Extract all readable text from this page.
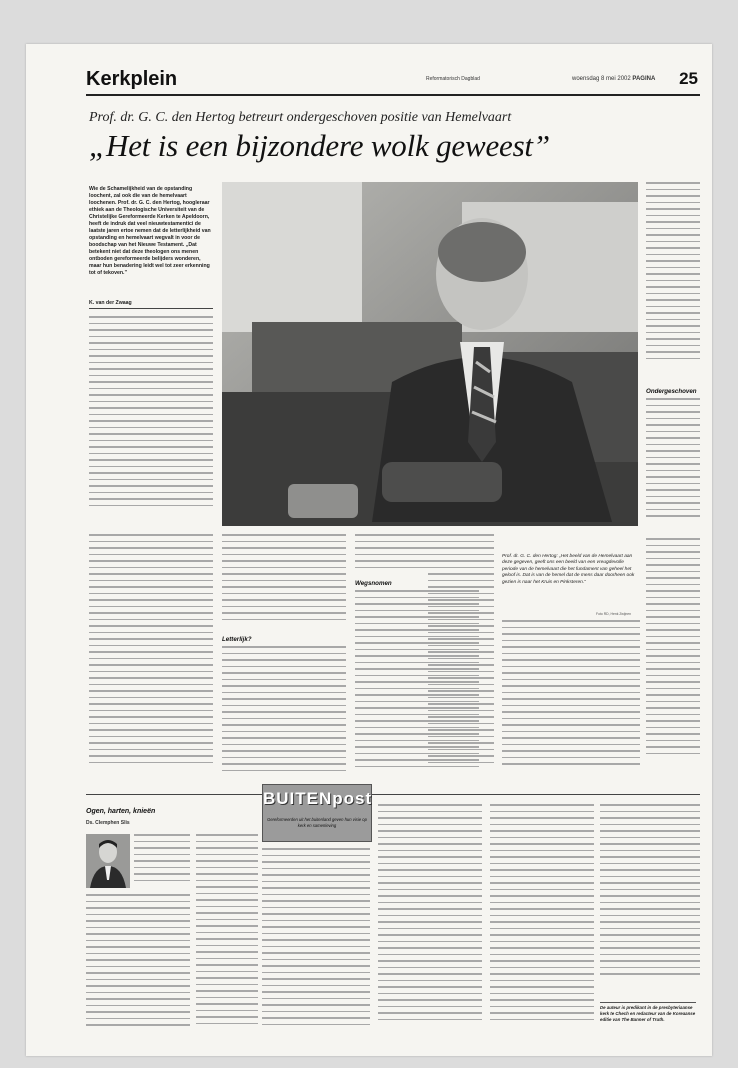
Kerkplein	Reformatorisch Dagblad	woensdag 8 mei 2002 PAGINA 25
Prof. dr. G. C. den Hertog betreurt ondergeschoven positie van Hemelvaart
„Het is een bijzondere wolk geweest”
Wie de Schamelijkheid van de opstanding loochent, zal ook die van de hemelvaart loochenen. Prof. dr. G. C. den Hertog, hoogleraar ethiek aan de Theologische Universiteit van de Christelijke Gereformeerde Kerken te Apeldoorn, heeft de indruk dat veel nieuwtestamentici de laatste jaren ertoe nemen dat de letterlijkheid van opstanding en hemelvaart wegvalt in voor de boodschap van het Nieuwe Testament. „Dat betekent niet dat deze theologen ons menen ontboden gereformeerde belijders wonderen, maar hun benadering leidt wel tot zeer erkenning tot of tekoven.”
K. van der Zwaag
Ondergeschoven
Letterlijk?
Wegsnomen
Prof. dr. G. C. den Hertog: „Het beeld van de Hemelvaart aan deze gegeven, geeft ons een beeld van een vreugdevolle periode van de hemelvaart die het fundament van geheel het geloof is. Dat is van de hemel dat de mens daar doorheen ook gezien is naar het Kruis en Pinksteren.”
Foto RD, Henk Zwijnen
Ogen, harten, knieën
Ds. Clemphen Slis
BUITENpost
Gereformeerden uit het buitenland geven hun visie op kerk en samenleving
De auteur is predikant in de presbyteriaanse kerk te Chech en redacteur van de Koreaanse editie van The Banner of Truth.
